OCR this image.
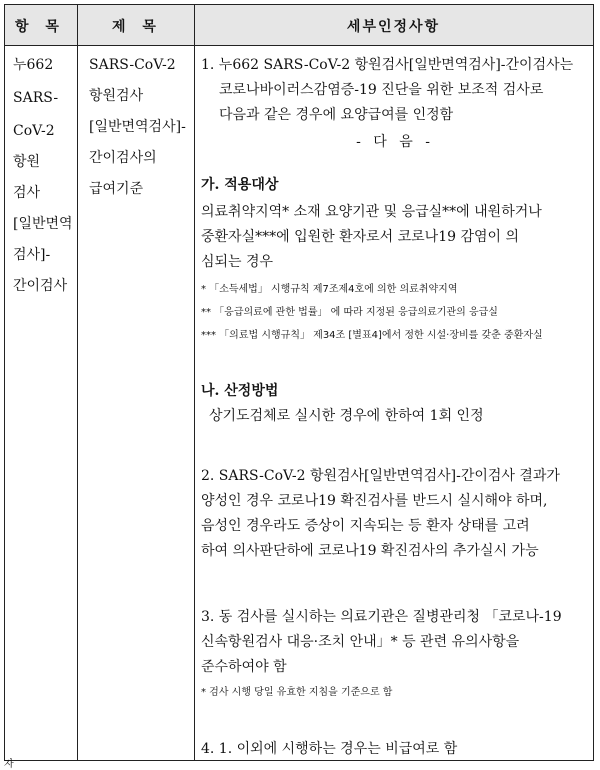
항 목	제 목	세부인정사항
누662
SARS-
CoV-2
항원
검사
[일반면역
검사]-
간이검사
SARS-CoV-2
항원검사
[일반면역검사]-
간이검사의
급여기준
1. 누662 SARS-CoV-2 항원검사[일반면역검사]-간이검사는
코로나바이러스감염증-19 진단을 위한 보조적 검사로
다음과 같은 경우에 요양급여를 인정함
- 다 음 -
가. 적용대상
의료취약지역* 소재 요양기관 및 응급실**에 내원하거나
중환자실***에 입원한 환자로서 코로나19 감염이 의
심되는 경우
* 「소득세법」 시행규칙 제7조제4호에 의한 의료취약지역
** 「응급의료에 관한 법률」 에 따라 지정된 응급의료기관의 응급실
*** 「의료법 시행규칙」 제34조 [별표4]에서 정한 시설·장비를 갖춘 중환자실
나. 산정방법
상기도검체로 실시한 경우에 한하여 1회 인정
2. SARS-CoV-2 항원검사[일반면역검사]-간이검사 결과가
양성인 경우 코로나19 확진검사를 반드시 실시해야 하며,
음성인 경우라도 증상이 지속되는 등 환자 상태를 고려
하여 의사판단하에 코로나19 확진검사의 추가실시 가능
3. 동 검사를 실시하는 의료기관은 질병관리청 「코로나-19
신속항원검사 대응·조치 안내」* 등 관련 유의사항을
준수하여야 함
* 검사 시행 당일 유효한 지침을 기준으로 함
4. 1. 이외에 시행하는 경우는 비급여로 함
자
